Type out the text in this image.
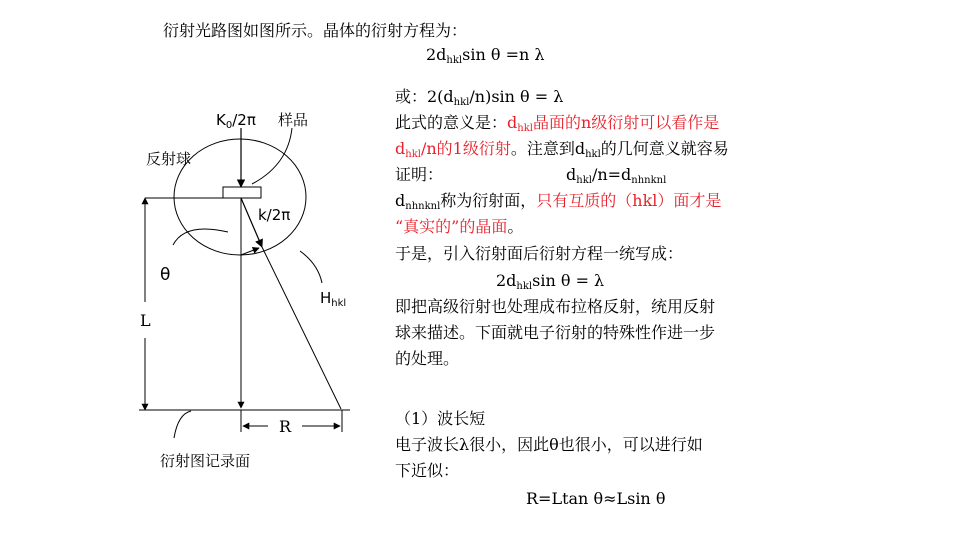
衍射光路图如图所示。晶体的衍射方程为：
$2d_{hkl}\sin$ θ =n λ
$K_0/2\pi$ 样品
反射球
k/2π
θ
$H_{hkl}$
L
R
衍射图记录面
或：$2(d_{hkl}/n)\sin$ θ = λ
此式的意义是：$d_{hkl}$晶面的n级衍射可以看作是
$d_{hkl}/n$的1级衍射。注意到$d_{hkl}$的几何意义就容易
证明：	$d_{hkl}/n=d_{nhnknl}$
$d_{nhnknl}$称为衍射面，只有互质的（hkl）面才是
“真实的”的晶面。
于是，引入衍射面后衍射方程一统写成：
$2d_{hkl}\sin$ θ = λ
即把高级衍射也处理成布拉格反射，统用反射
球来描述。下面就电子衍射的特殊性作进一步
的处理。
（1）波长短
电子波长λ很小，因此θ也很小，可以进行如
下近似：
R=Ltan θ≈Lsin θ
